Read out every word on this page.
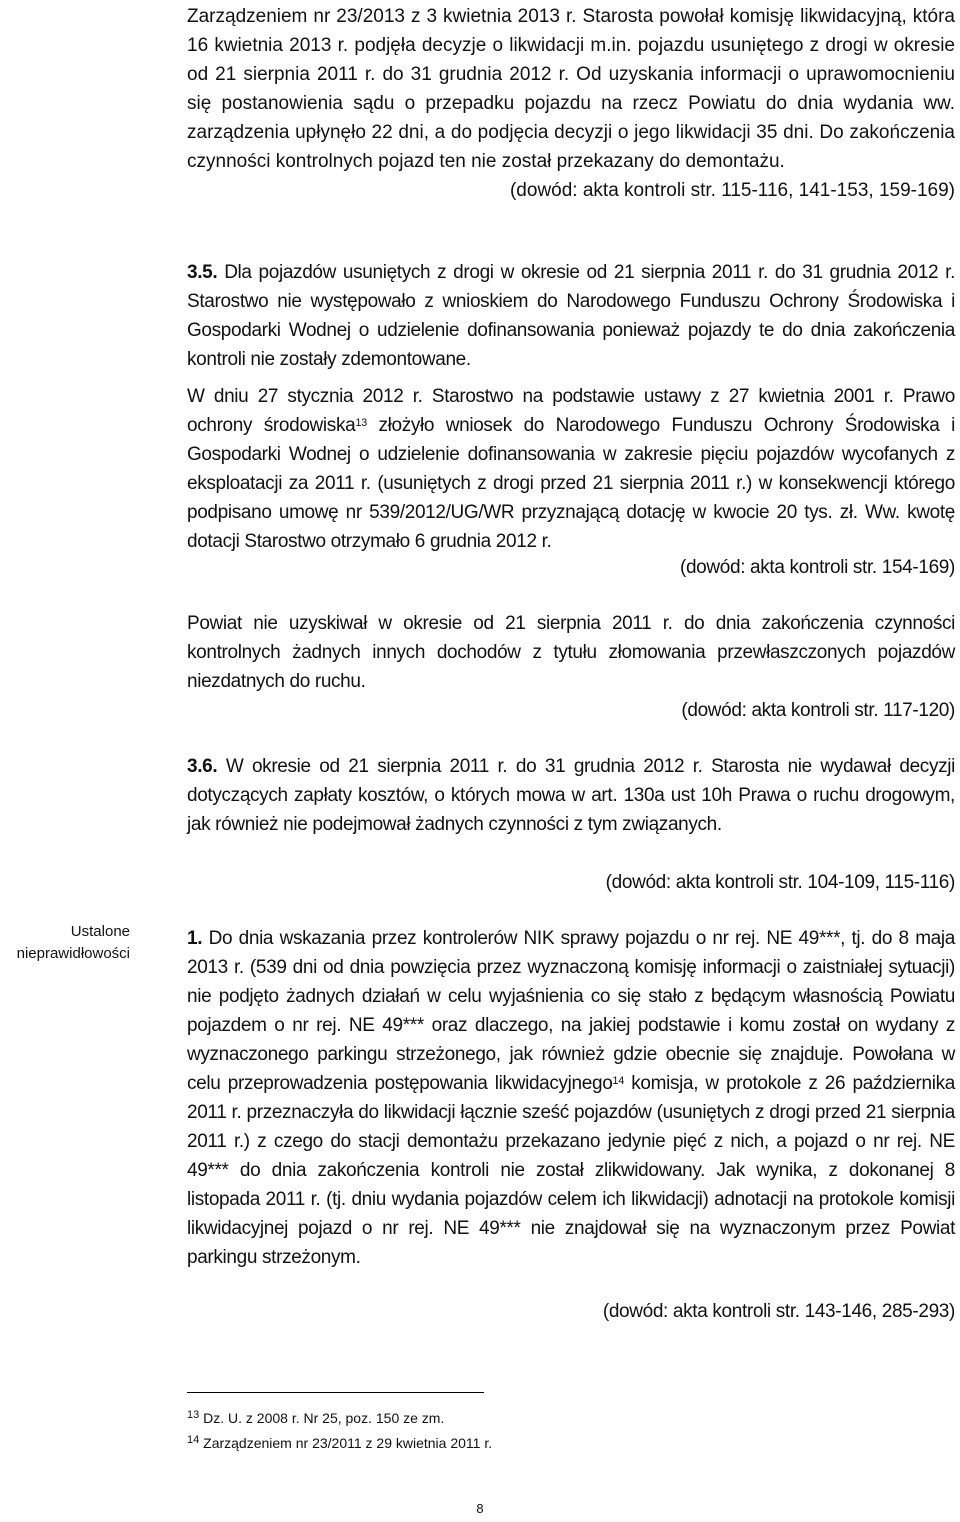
Zarządzeniem nr 23/2013 z 3 kwietnia 2013 r. Starosta powołał komisję likwidacyjną, która 16 kwietnia 2013 r. podjęła decyzje o likwidacji m.in. pojazdu usuniętego z drogi w okresie od 21 sierpnia 2011 r. do 31 grudnia 2012 r. Od uzyskania informacji o uprawomocnieniu się postanowienia sądu o przepadku pojazdu na rzecz Powiatu do dnia wydania ww. zarządzenia upłynęło 22 dni, a do podjęcia decyzji o jego likwidacji 35 dni. Do zakończenia czynności kontrolnych pojazd ten nie został przekazany do demontażu.
(dowód: akta kontroli str. 115-116, 141-153, 159-169)
3.5. Dla pojazdów usuniętych z drogi w okresie od 21 sierpnia 2011 r. do 31 grudnia 2012 r. Starostwo nie występowało z wnioskiem do Narodowego Funduszu Ochrony Środowiska i Gospodarki Wodnej o udzielenie dofinansowania ponieważ pojazdy te do dnia zakończenia kontroli nie zostały zdemontowane.
W dniu 27 stycznia 2012 r. Starostwo na podstawie ustawy z 27 kwietnia 2001 r. Prawo ochrony środowiska$^{13}$ złożyło wniosek do Narodowego Funduszu Ochrony Środowiska i Gospodarki Wodnej o udzielenie dofinansowania w zakresie pięciu pojazdów wycofanych z eksploatacji za 2011 r. (usuniętych z drogi przed 21 sierpnia 2011 r.) w konsekwencji którego podpisano umowę nr 539/2012/UG/WR przyznającą dotację w kwocie 20 tys. zł. Ww. kwotę dotacji Starostwo otrzymało 6 grudnia 2012 r.
(dowód: akta kontroli str. 154-169)
Powiat nie uzyskiwał w okresie od 21 sierpnia 2011 r. do dnia zakończenia czynności kontrolnych żadnych innych dochodów z tytułu złomowania przewłaszczonych pojazdów niezdatnych do ruchu.
(dowód: akta kontroli str. 117-120)
3.6. W okresie od 21 sierpnia 2011 r. do 31 grudnia 2012 r. Starosta nie wydawał decyzji dotyczących zapłaty kosztów, o których mowa w art. 130a ust 10h Prawa o ruchu drogowym, jak również nie podejmował żadnych czynności z tym związanych.
(dowód: akta kontroli str. 104-109, 115-116)
Ustalone
nieprawidłowości
1. Do dnia wskazania przez kontrolerów NIK sprawy pojazdu o nr rej. NE 49***, tj. do 8 maja 2013 r. (539 dni od dnia powzięcia przez wyznaczoną komisję informacji o zaistniałej sytuacji) nie podjęto żadnych działań w celu wyjaśnienia co się stało z będącym własnością Powiatu pojazdem o nr rej. NE 49*** oraz dlaczego, na jakiej podstawie i komu został on wydany z wyznaczonego parkingu strzeżonego, jak również gdzie obecnie się znajduje. Powołana w celu przeprowadzenia postępowania likwidacyjnego$^{14}$ komisja, w protokole z 26 października 2011 r. przeznaczyła do likwidacji łącznie sześć pojazdów (usuniętych z drogi przed 21 sierpnia 2011 r.) z czego do stacji demontażu przekazano jedynie pięć z nich, a pojazd o nr rej. NE 49*** do dnia zakończenia kontroli nie został zlikwidowany. Jak wynika, z dokonanej 8 listopada 2011 r. (tj. dniu wydania pojazdów celem ich likwidacji) adnotacji na protokole komisji likwidacyjnej pojazd o nr rej. NE 49*** nie znajdował się na wyznaczonym przez Powiat parkingu strzeżonym.
(dowód: akta kontroli str. 143-146, 285-293)
$^{13}$ Dz. U. z 2008 r. Nr 25, poz. 150 ze zm.
$^{14}$ Zarządzeniem nr 23/2011 z 29 kwietnia 2011 r.
8
